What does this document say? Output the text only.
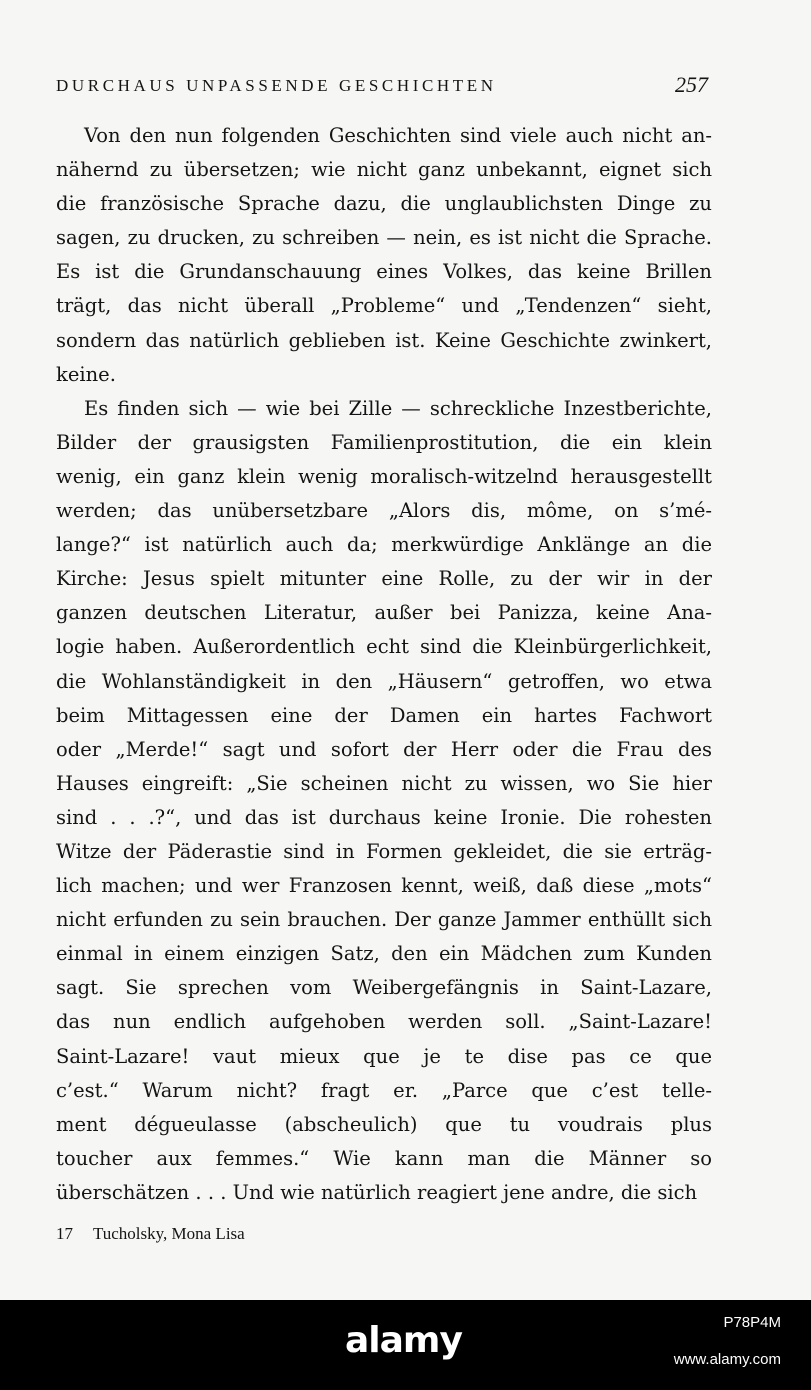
DURCHAUS UNPASSENDE GESCHICHTEN	257
Von den nun folgenden Geschichten sind viele auch nicht an-
nähernd zu übersetzen; wie nicht ganz unbekannt, eignet sich
die französische Sprache dazu, die unglaublichsten Dinge zu
sagen, zu drucken, zu schreiben — nein, es ist nicht die Sprache.
Es ist die Grundanschauung eines Volkes, das keine Brillen
trägt, das nicht überall „Probleme“ und „Tendenzen“ sieht,
sondern das natürlich geblieben ist. Keine Geschichte zwinkert,
keine.
Es finden sich — wie bei Zille — schreckliche Inzestberichte,
Bilder der grausigsten Familienprostitution, die ein klein
wenig, ein ganz klein wenig moralisch-witzelnd herausgestellt
werden; das unübersetzbare „Alors dis, môme, on s’mé-
lange?“ ist natürlich auch da; merkwürdige Anklänge an die
Kirche: Jesus spielt mitunter eine Rolle, zu der wir in der
ganzen deutschen Literatur, außer bei Panizza, keine Ana-
logie haben. Außerordentlich echt sind die Kleinbürgerlichkeit,
die Wohlanständigkeit in den „Häusern“ getroffen, wo etwa
beim Mittagessen eine der Damen ein hartes Fachwort
oder „Merde!“ sagt und sofort der Herr oder die Frau des
Hauses eingreift: „Sie scheinen nicht zu wissen, wo Sie hier
sind . . .?“, und das ist durchaus keine Ironie. Die rohesten
Witze der Päderastie sind in Formen gekleidet, die sie erträg-
lich machen; und wer Franzosen kennt, weiß, daß diese „mots“
nicht erfunden zu sein brauchen. Der ganze Jammer enthüllt sich
einmal in einem einzigen Satz, den ein Mädchen zum Kunden
sagt. Sie sprechen vom Weibergefängnis in Saint-Lazare,
das nun endlich aufgehoben werden soll. „Saint-Lazare!
Saint-Lazare! vaut mieux que je te dise pas ce que
c’est.“ Warum nicht? fragt er. „Parce que c’est telle-
ment dégueulasse (abscheulich) que tu voudrais plus
toucher aux femmes.“ Wie kann man die Männer so
überschätzen . . . Und wie natürlich reagiert jene andre, die sich
17 Tucholsky, Mona Lisa
alamy	P78P4M
www.alamy.com
